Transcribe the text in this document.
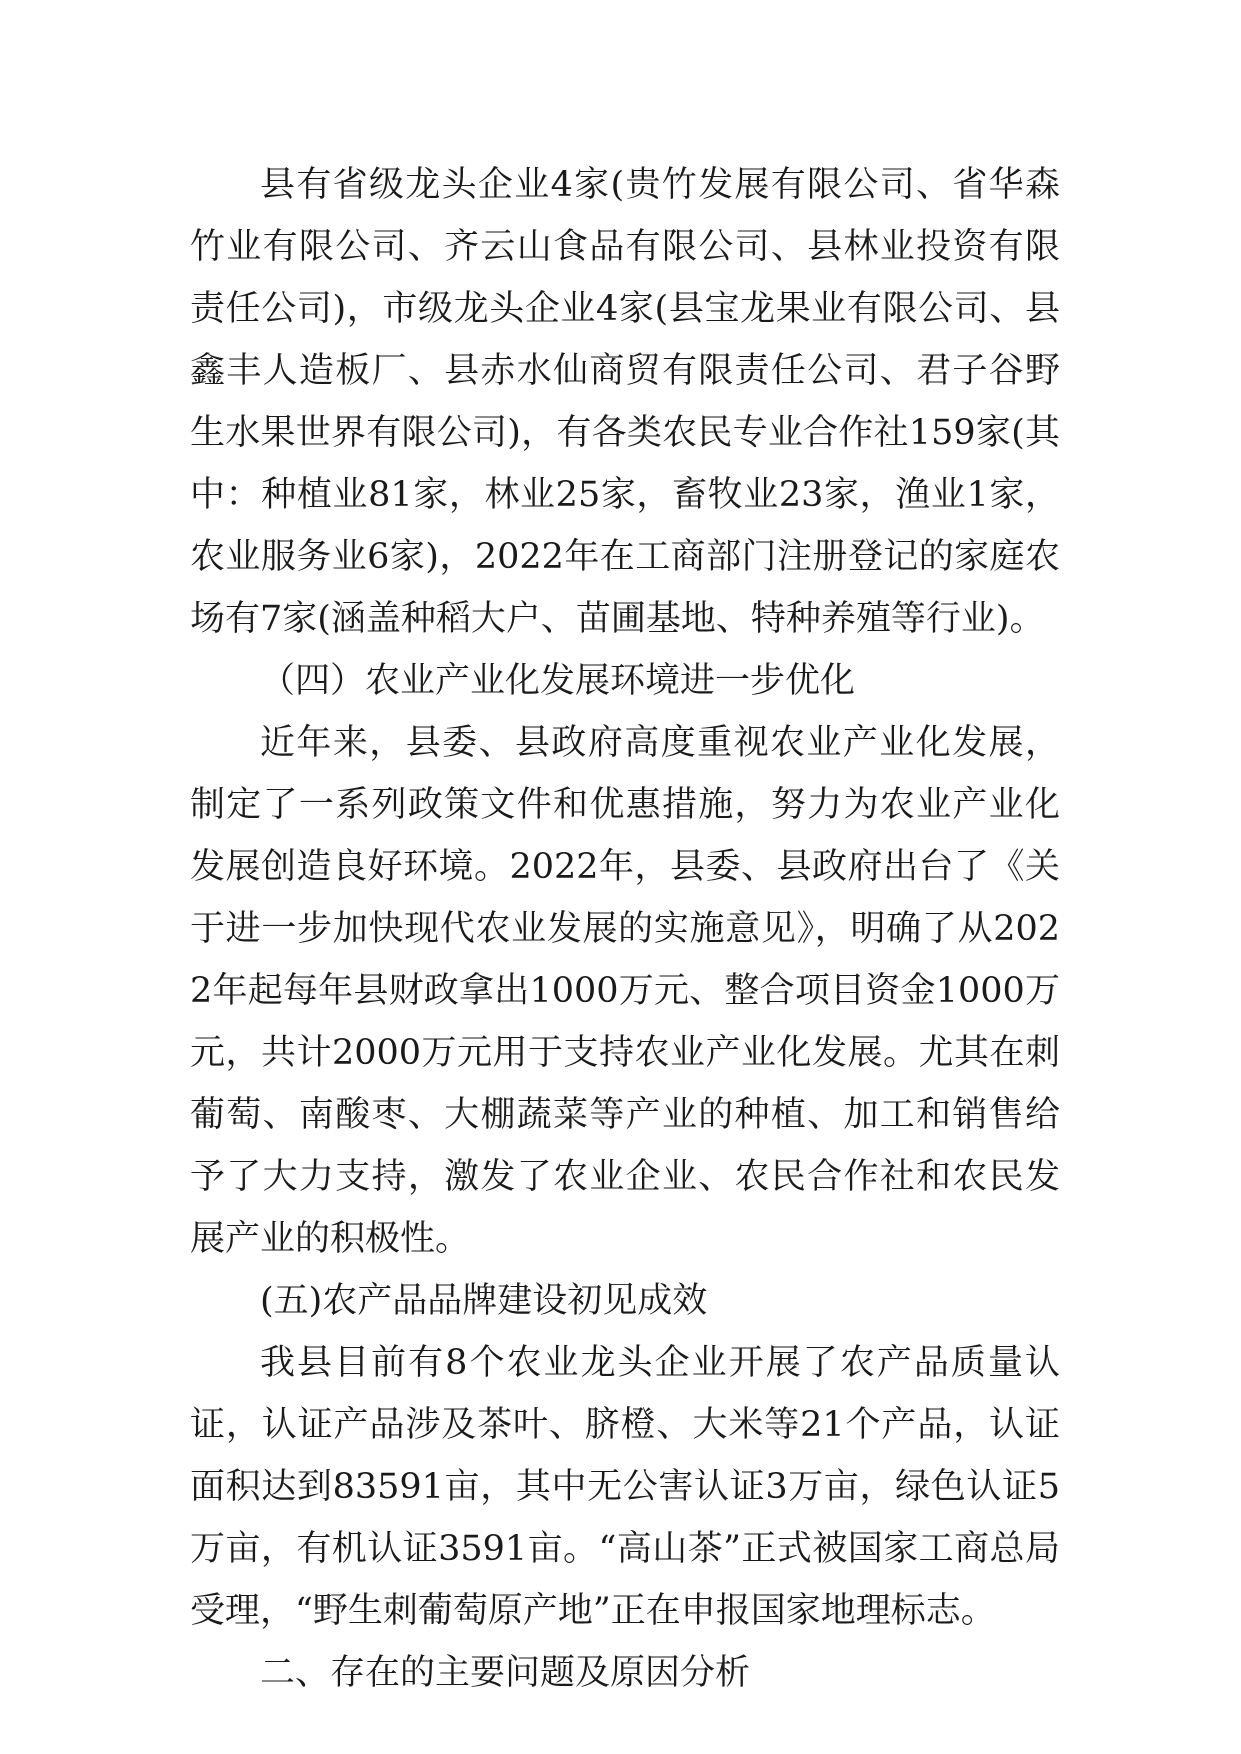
县有省级龙头企业4家(贵竹发展有限公司、省华森竹业有限公司、齐云山食品有限公司、县林业投资有限责任公司)，市级龙头企业4家(县宝龙果业有限公司、县鑫丰人造板厂、县赤水仙商贸有限责任公司、君子谷野生水果世界有限公司)，有各类农民专业合作社159家(其中：种植业81家，林业25家，畜牧业23家，渔业1家，农业服务业6家)，2022年在工商部门注册登记的家庭农场有7家(涵盖种稻大户、苗圃基地、特种养殖等行业)。

（四）农业产业化发展环境进一步优化

近年来，县委、县政府高度重视农业产业化发展，制定了一系列政策文件和优惠措施，努力为农业产业化发展创造良好环境。2022年，县委、县政府出台了《关于进一步加快现代农业发展的实施意见》，明确了从2022年起每年县财政拿出1000万元、整合项目资金1000万元，共计2000万元用于支持农业产业化发展。尤其在刺葡萄、南酸枣、大棚蔬菜等产业的种植、加工和销售给予了大力支持，激发了农业企业、农民合作社和农民发展产业的积极性。

(五)农产品品牌建设初见成效

我县目前有8个农业龙头企业开展了农产品质量认证，认证产品涉及茶叶、脐橙、大米等21个产品，认证面积达到83591亩，其中无公害认证3万亩，绿色认证5万亩，有机认证3591亩。“高山茶”正式被国家工商总局受理，“野生刺葡萄原产地”正在申报国家地理标志。

二、存在的主要问题及原因分析
